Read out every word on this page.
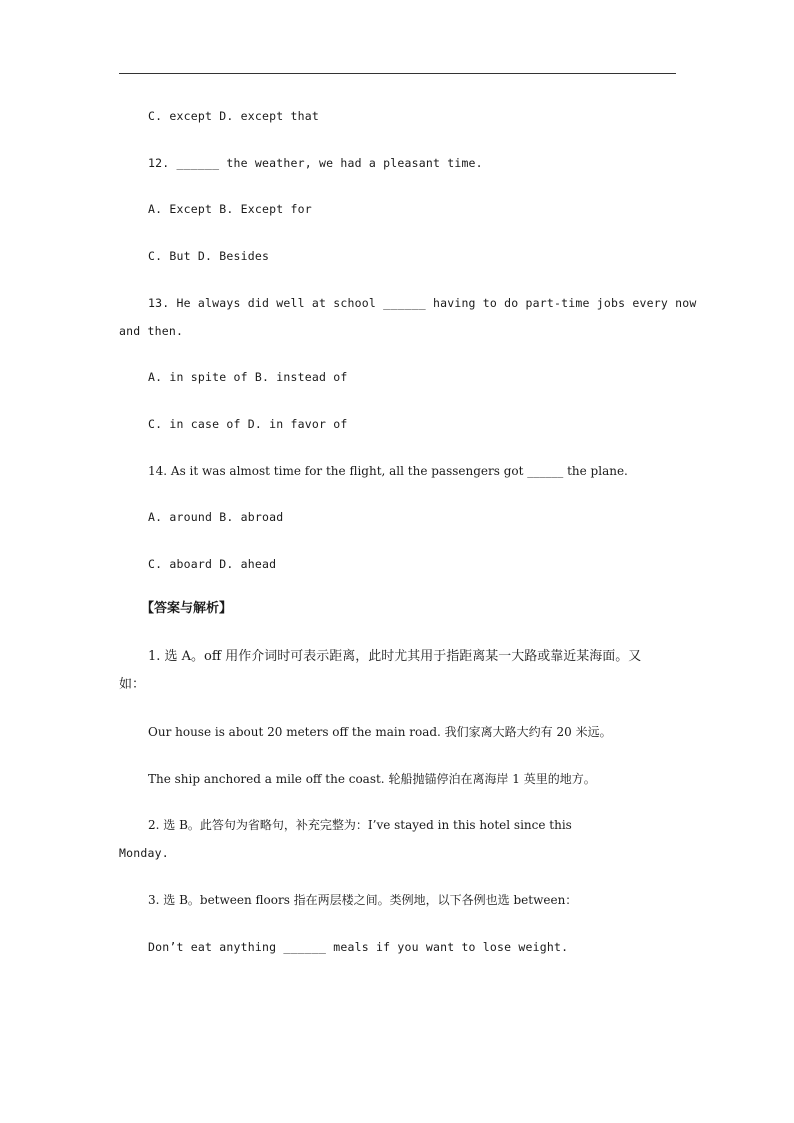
C. except D. except that
12. ______ the weather, we had a pleasant time.
A. Except B. Except for
C. But D. Besides
13. He always did well at school ______ having to do part-time jobs every now
and then.
A. in spite of B. instead of
C. in case of D. in favor of
14. As it was almost time for the flight, all the passengers got ______ the plane.
A. around B. abroad
C. aboard D. ahead
【答案与解析】
1. 选 A。off 用作介词时可表示距离，此时尤其用于指距离某一大路或靠近某海面。又
如：
Our house is about 20 meters off the main road. 我们家离大路大约有 20 米远。
The ship anchored a mile off the coast. 轮船抛锚停泊在离海岸 1 英里的地方。
2. 选 B。此答句为省略句，补充完整为：I’ve stayed in this hotel since this
Monday.
3. 选 B。between floors 指在两层楼之间。类例地，以下各例也选 between：
Don’t eat anything ______ meals if you want to lose weight.
